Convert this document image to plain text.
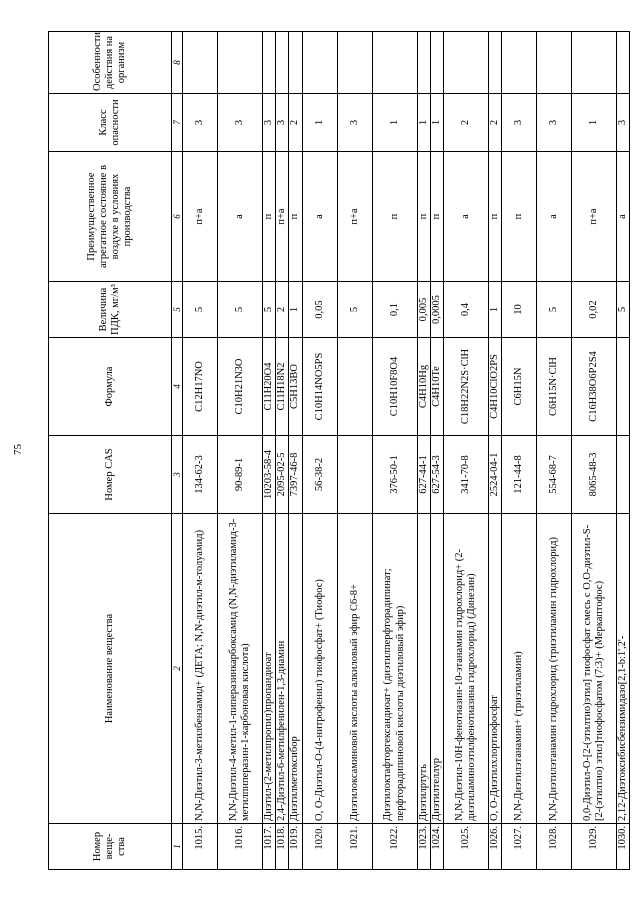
75
Номер веще-ства	Наименование вещества	Номер CAS	Формула	Величина ПДК, мг/м³	Преимущественное агрегатное состояние в воздухе в условиях производства	Класс опасности	Особенности действия на организм
1	2	3	4	5	6	7	8
1015.	N,N-Диэтил-3-метилбензамид+ (ДЕТА; N,N-диэтил-м-толуамид)	134-62-3	C12H17NO	5	п+а	3	
1016.	N,N-Диэтил-4-метил-1-пиперазинкарбоксамид (N,N-диэтиламид-3-метилпиперазин-1-карбоновая кислота)	90-89-1	C10H21N3O	5	а	3	
1017.	Диэтил-(2-метилпропил)пропандиоат	10203-58-4	C11H20O4	5	п	3	
1018.	2,4-Диэтил-6-метилфенилен-1,3-диамин	2095-02-5	C11H18N2	2	п+а	3	
1019.	Диэтилметоксибор	7397-46-8	C5H13BO	1	п	2	
1020.	О, О-Диэтил-О-(4-нитрофенил) тиофосфат+ (Тиофос)	56-38-2	C10H14NO5PS	0,05	а	1	
1021.	Диэтилоксаминовой кислоты алкиловый эфир С6-8+			5	п+а	3	
1022.	Диэтилоктафторгександиоат+ (диэтилперфторадипинат; перфторадипиновой кислоты диэтиловый эфир)	376-50-1	C10H10F8O4	0,1	п	1	
1023.	Диэтилртуть	627-44-1	C4H10Hg	0,005	п	1	
1024.	Диэтилтеллур	627-54-3	C4H10Te	0,0005	п	1	
1025.	N,N-Диэтил-10Н-фенотиазин-10-этанамин гидрохлорид+ (2-диэтиламиноэтилфенотиазина гидрохлорид) (Динезин)	341-70-8	C18H22N2S·ClH	0,4	а	2	
1026.	О, О-Диэтилхлортиофосфат	2524-04-1	C4H10ClO2PS	1	п	2	
1027.	N,N-Диэтилэтанамин+ (триэтиламин)	121-44-8	C6H15N	10	п	3	
1028.	N,N-Диэтилэтанамин гидрохлорид (триэтиламин гидрохлорид)	554-68-7	C6H15N·ClH	5	а	3	
1029.	0,0-Диэтил-О-[2-(этилтио)этил] тиофосфат смесь с О,О-диэтил-S-[2-(этилтио) этил]тиофосфатом (7:3)+ (Меркаптофос)	8065-48-3	C16H38O6P2S4	0,02	п+а	1	
1030.	2,12-Диэтоксибисбензимидазо[2,1-b:1',2'-			5	а	3	
